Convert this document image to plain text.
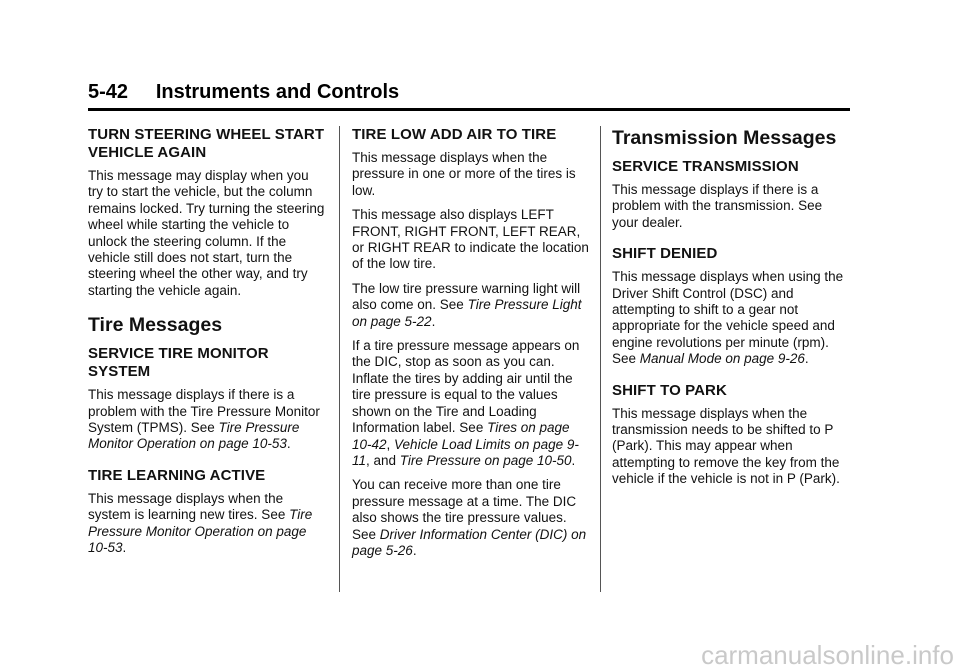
5-42     Instruments and Controls
TURN STEERING WHEEL START VEHICLE AGAIN

This message may display when you try to start the vehicle, but the column remains locked. Try turning the steering wheel while starting the vehicle to unlock the steering column. If the vehicle still does not start, turn the steering wheel the other way, and try starting the vehicle again.

Tire Messages
SERVICE TIRE MONITOR SYSTEM

This message displays if there is a problem with the Tire Pressure Monitor System (TPMS). See Tire Pressure Monitor Operation on page 10-53.

TIRE LEARNING ACTIVE

This message displays when the system is learning new tires. See Tire Pressure Monitor Operation on page 10-53.

TIRE LOW ADD AIR TO TIRE

This message displays when the pressure in one or more of the tires is low.

This message also displays LEFT FRONT, RIGHT FRONT, LEFT REAR, or RIGHT REAR to indicate the location of the low tire.

The low tire pressure warning light will also come on. See Tire Pressure Light on page 5-22.

If a tire pressure message appears on the DIC, stop as soon as you can. Inflate the tires by adding air until the tire pressure is equal to the values shown on the Tire and Loading Information label. See Tires on page 10-42, Vehicle Load Limits on page 9-11, and Tire Pressure on page 10-50.

You can receive more than one tire pressure message at a time. The DIC also shows the tire pressure values. See Driver Information Center (DIC) on page 5-26.

Transmission Messages
SERVICE TRANSMISSION

This message displays if there is a problem with the transmission. See your dealer.

SHIFT DENIED

This message displays when using the Driver Shift Control (DSC) and attempting to shift to a gear not appropriate for the vehicle speed and engine revolutions per minute (rpm). See Manual Mode on page 9-26.

SHIFT TO PARK

This message displays when the transmission needs to be shifted to P (Park). This may appear when attempting to remove the key from the vehicle if the vehicle is not in P (Park).

carmanualsonline.info
